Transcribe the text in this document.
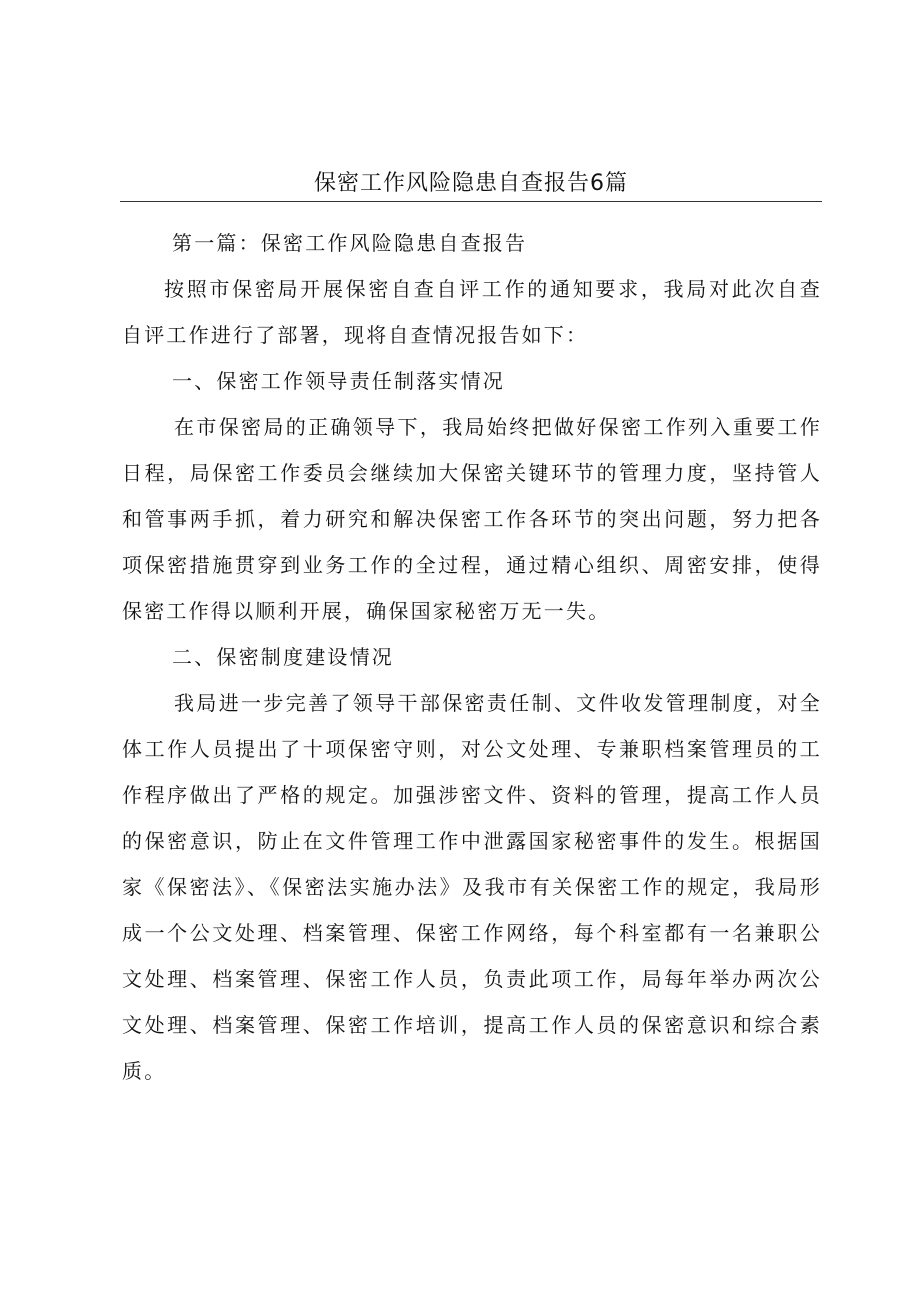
保密工作风险隐患自查报告6篇

第一篇：保密工作风险隐患自查报告

按照市保密局开展保密自查自评工作的通知要求，我局对此次自查自评工作进行了部署，现将自查情况报告如下：

一、保密工作领导责任制落实情况

在市保密局的正确领导下，我局始终把做好保密工作列入重要工作日程，局保密工作委员会继续加大保密关键环节的管理力度，坚持管人和管事两手抓，着力研究和解决保密工作各环节的突出问题，努力把各项保密措施贯穿到业务工作的全过程，通过精心组织、周密安排，使得保密工作得以顺利开展，确保国家秘密万无一失。

二、保密制度建设情况

我局进一步完善了领导干部保密责任制、文件收发管理制度，对全体工作人员提出了十项保密守则，对公文处理、专兼职档案管理员的工作程序做出了严格的规定。加强涉密文件、资料的管理，提高工作人员的保密意识，防止在文件管理工作中泄露国家秘密事件的发生。根据国家《保密法》、《保密法实施办法》及我市有关保密工作的规定，我局形成一个公文处理、档案管理、保密工作网络，每个科室都有一名兼职公文处理、档案管理、保密工作人员，负责此项工作，局每年举办两次公文处理、档案管理、保密工作培训，提高工作人员的保密意识和综合素质。
